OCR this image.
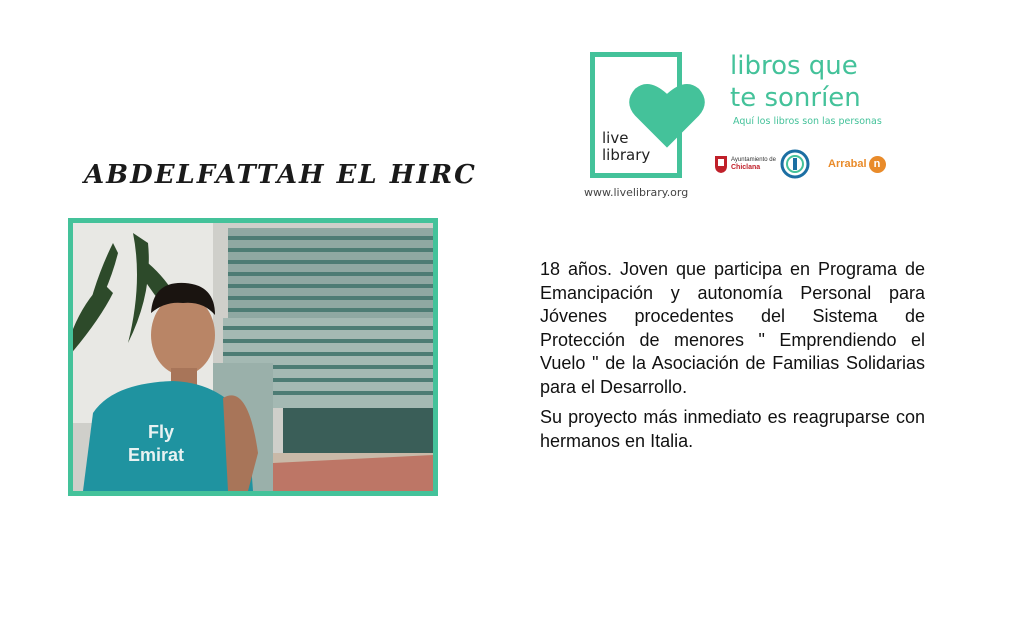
ABDELFATTAH EL HIRC
Fly
Emirat
live
library
www.livelibrary.org
libros que
te sonríen
Aquí los libros son las personas
Ayuntamiento de
Chiclana	Arrabal n

18 años. Joven que participa en Programa de Emancipación y autonomía Personal para Jóvenes procedentes del Sistema de Protección de menores " Emprendiendo el Vuelo " de la Asociación de Familias Solidarias para el Desarrollo.

Su proyecto más inmediato es reagruparse con hermanos en Italia.
